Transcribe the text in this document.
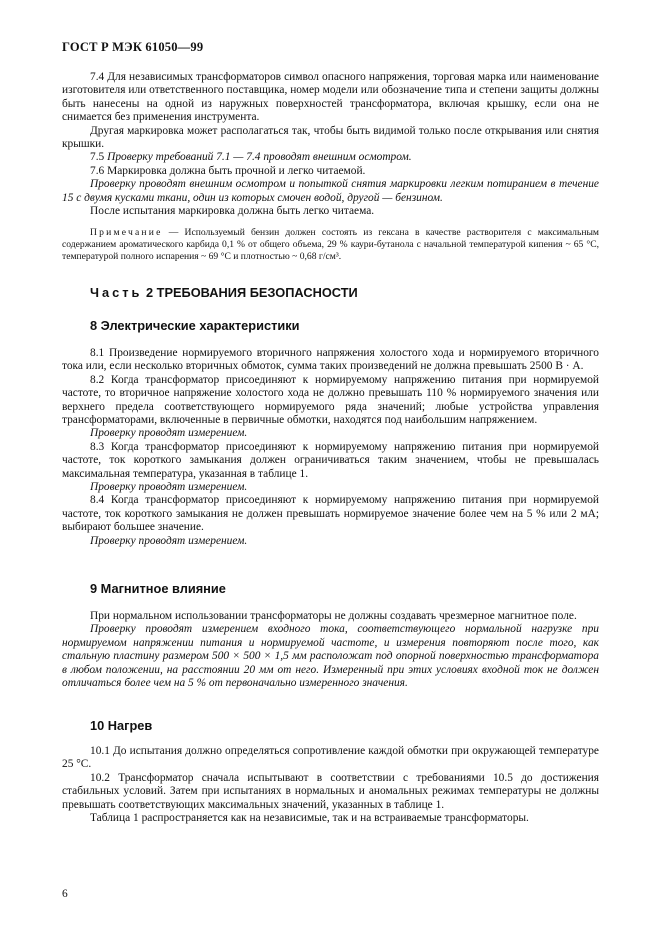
ГОСТ Р МЭК 61050—99

7.4 Для независимых трансформаторов символ опасного напряжения, торговая марка или наименование изготовителя или ответственного поставщика, номер модели или обозначение типа и степени защиты должны быть нанесены на одной из наружных поверхностей трансформатора, включая крышку, если она не снимается без применения инструмента.

Другая маркировка может располагаться так, чтобы быть видимой только после открывания или снятия крышки.

7.5 Проверку требований 7.1 — 7.4 проводят внешним осмотром.

7.6 Маркировка должна быть прочной и легко читаемой.

Проверку проводят внешним осмотром и попыткой снятия маркировки легким потиранием в течение 15 с двумя кусками ткани, один из которых смочен водой, другой — бензином.

После испытания маркировка должна быть легко читаема.

Примечание — Используемый бензин должен состоять из гексана в качестве растворителя с максимальным содержанием ароматического карбида 0,1 % от общего объема, 29 % каури-бутанола с начальной температурой кипения ~ 65 °С, температурой полного испарения ~ 69 °С и плотностью ~ 0,68 г/см³.

Часть 2 ТРЕБОВАНИЯ БЕЗОПАСНОСТИ
8 Электрические характеристики

8.1 Произведение нормируемого вторичного напряжения холостого хода и нормируемого вторичного тока или, если несколько вторичных обмоток, сумма таких произведений не должна превышать 2500 В · А.

8.2 Когда трансформатор присоединяют к нормируемому напряжению питания при нормируемой частоте, то вторичное напряжение холостого хода не должно превышать 110 % нормируемого значения или верхнего предела соответствующего нормируемого ряда значений; любые устройства управления трансформаторами, включенные в первичные обмотки, находятся под наибольшим напряжением.

Проверку проводят измерением.

8.3 Когда трансформатор присоединяют к нормируемому напряжению питания при нормируемой частоте, ток короткого замыкания должен ограничиваться таким значением, чтобы не превышалась максимальная температура, указанная в таблице 1.

Проверку проводят измерением.

8.4 Когда трансформатор присоединяют к нормируемому напряжению питания при нормируемой частоте, ток короткого замыкания не должен превышать нормируемое значение более чем на 5 % или 2 мА; выбирают большее значение.

Проверку проводят измерением.

9 Магнитное влияние

При нормальном использовании трансформаторы не должны создавать чрезмерное магнитное поле.

Проверку проводят измерением входного тока, соответствующего нормальной нагрузке при нормируемом напряжении питания и нормируемой частоте, и измерения повторяют после того, как стальную пластину размером 500 × 500 × 1,5 мм расположат под опорной поверхностью трансформатора в любом положении, на расстоянии 20 мм от него. Измеренный при этих условиях входной ток не должен отличаться более чем на 5 % от первоначально измеренного значения.

10 Нагрев

10.1 До испытания должно определяться сопротивление каждой обмотки при окружающей температуре 25 °С.

10.2 Трансформатор сначала испытывают в соответствии с требованиями 10.5 до достижения стабильных условий. Затем при испытаниях в нормальных и аномальных режимах температуры не должны превышать соответствующих максимальных значений, указанных в таблице 1.

Таблица 1 распространяется как на независимые, так и на встраиваемые трансформаторы.

6
